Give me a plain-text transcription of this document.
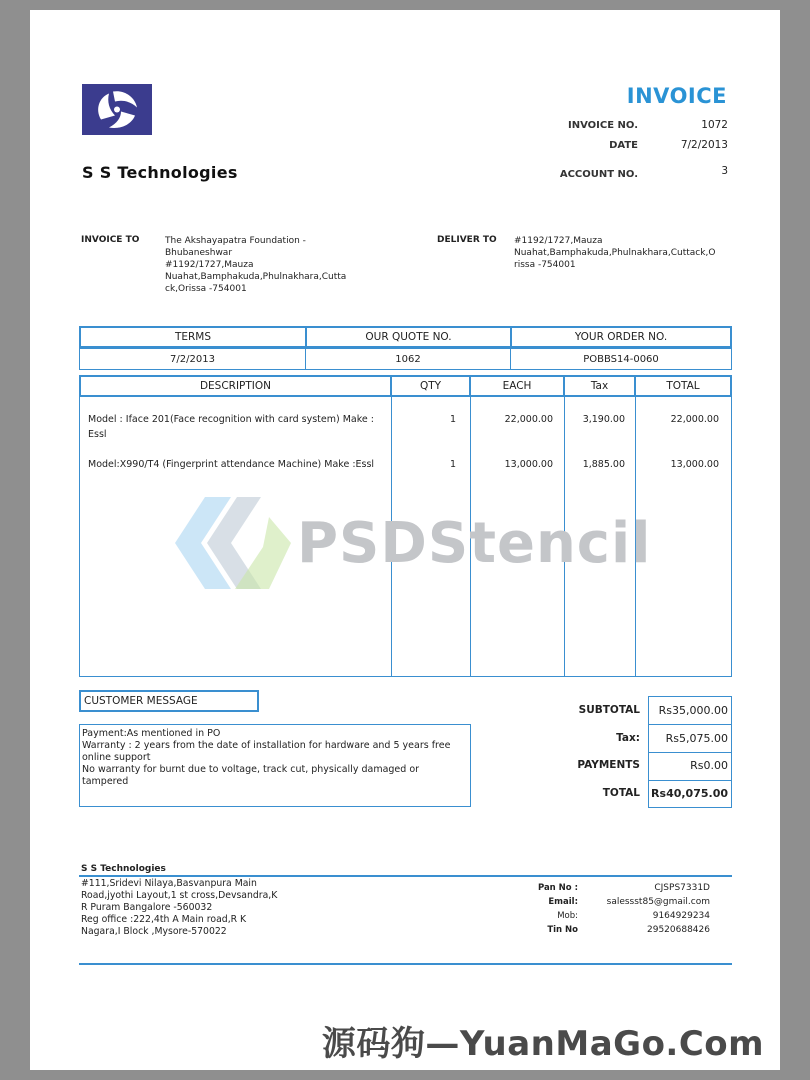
S S Technologies
INVOICE
INVOICE NO.	1072
DATE	7/2/2013
ACCOUNT NO.	3
INVOICE TO	The Akshayapatra Foundation -
Bhubaneshwar
#1192/1727,Mauza
Nuahat,Bamphakuda,Phulnakhara,Cutta
ck,Orissa -754001
DELIVER TO #1192/1727,Mauza
Nuahat,Bamphakuda,Phulnakhara,Cuttack,O
rissa -754001
TERMS	OUR QUOTE NO.	YOUR ORDER NO.
7/2/2013	1062	POBBS14-0060
DESCRIPTION	QTY	EACH	Tax	TOTAL
PSDStencil
Model : Iface 201(Face recognition with card system) Make :
Essl
1	22,000.00	3,190.00	22,000.00
Model:X990/T4 (Fingerprint attendance Machine) Make :Essl	1	13,000.00	1,885.00	13,000.00
CUSTOMER MESSAGE
Payment:As mentioned in PO
Warranty : 2 years from the date of installation for hardware and 5 years free
online support
No warranty for burnt due to voltage, track cut, physically damaged or
tampered
SUBTOTAL	Rs35,000.00
Tax:	Rs5,075.00
PAYMENTS	Rs0.00
TOTAL Rs40,075.00
S S Technologies
#111,Sridevi Nilaya,Basvanpura Main
Road,jyothi Layout,1 st cross,Devsandra,K
R Puram Bangalore -560032
Reg office :222,4th A Main road,R K
Nagara,I Block ,Mysore-570022
Pan No :	CJSPS7331D
Email:	salessst85@gmail.com
Mob:	9164929234
Tin No	29520688426
源码狗—YuanMaGo.Com
